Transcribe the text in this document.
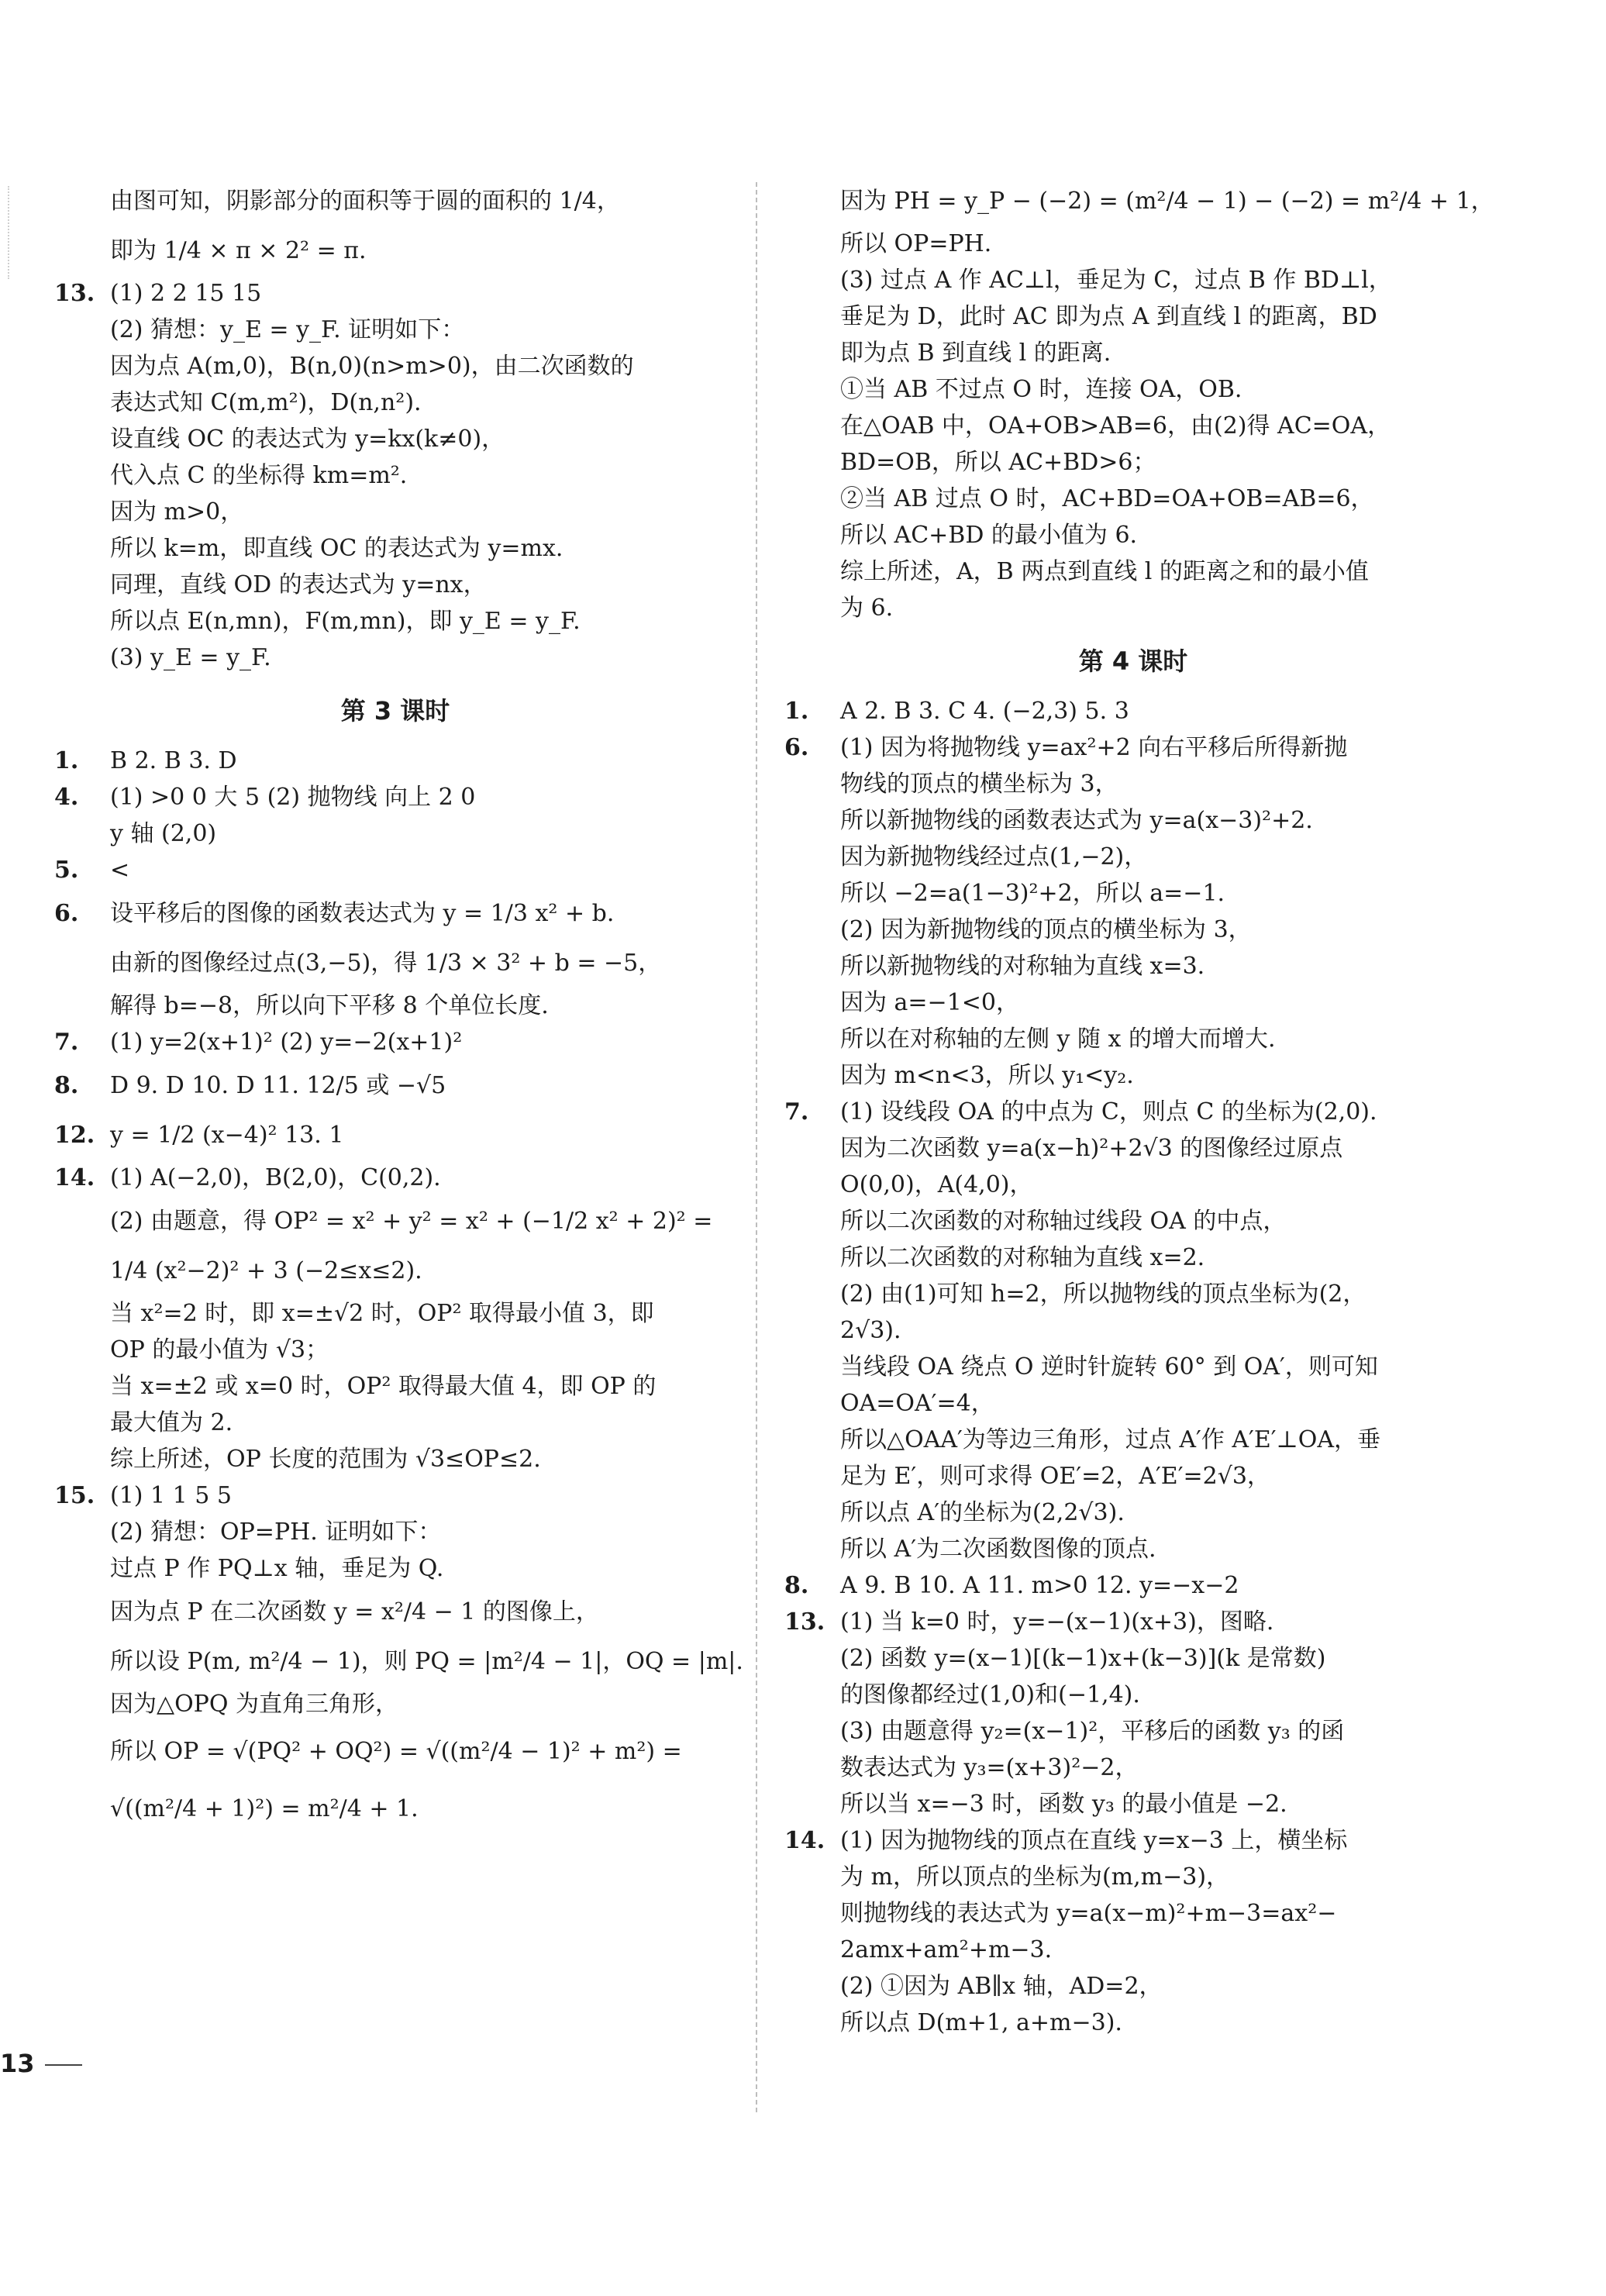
由图可知，阴影部分的面积等于圆的面积的 1/4，
即为 1/4 × π × 2² = π.
13. (1) 2 2 15 15
(2) 猜想：y_E = y_F. 证明如下：
因为点 A(m,0)，B(n,0)(n>m>0)，由二次函数的
表达式知 C(m,m²)，D(n,n²).
设直线 OC 的表达式为 y=kx(k≠0)，
代入点 C 的坐标得 km=m².
因为 m>0，
所以 k=m，即直线 OC 的表达式为 y=mx.
同理，直线 OD 的表达式为 y=nx，
所以点 E(n,mn)，F(m,mn)，即 y_E = y_F.
(3) y_E = y_F.
第 3 课时
1. B 2. B 3. D
4. (1) >0 0 大 5 (2) 抛物线 向上 2 0
y 轴 (2,0)
5. <
6. 设平移后的图像的函数表达式为 y = 1/3 x² + b.
由新的图像经过点(3,−5)，得 1/3 × 3² + b = −5，
解得 b=−8，所以向下平移 8 个单位长度.
7. (1) y=2(x+1)² (2) y=−2(x+1)²
8. D 9. D 10. D 11. 12/5 或 −√5
12. y = 1/2 (x−4)² 13. 1
14. (1) A(−2,0)，B(2,0)，C(0,2).
(2) 由题意，得 OP² = x² + y² = x² + (−1/2 x² + 2)² =
1/4 (x²−2)² + 3 (−2≤x≤2).
当 x²=2 时，即 x=±√2 时，OP² 取得最小值 3，即
OP 的最小值为 √3；
当 x=±2 或 x=0 时，OP² 取得最大值 4，即 OP 的
最大值为 2.
综上所述，OP 长度的范围为 √3≤OP≤2.
15. (1) 1 1 5 5
(2) 猜想：OP=PH. 证明如下：
过点 P 作 PQ⊥x 轴，垂足为 Q.
因为点 P 在二次函数 y = x²/4 − 1 的图像上，
所以设 P(m, m²/4 − 1)，则 PQ = |m²/4 − 1|，OQ = |m|.
因为△OPQ 为直角三角形，
所以 OP = √(PQ² + OQ²) = √((m²/4 − 1)² + m²) =
√((m²/4 + 1)²) = m²/4 + 1.
因为 PH = y_P − (−2) = (m²/4 − 1) − (−2) = m²/4 + 1，
所以 OP=PH.
(3) 过点 A 作 AC⊥l，垂足为 C，过点 B 作 BD⊥l，
垂足为 D，此时 AC 即为点 A 到直线 l 的距离，BD
即为点 B 到直线 l 的距离.
①当 AB 不过点 O 时，连接 OA，OB.
在△OAB 中，OA+OB>AB=6，由(2)得 AC=OA，
BD=OB，所以 AC+BD>6；
②当 AB 过点 O 时，AC+BD=OA+OB=AB=6，
所以 AC+BD 的最小值为 6.
综上所述，A，B 两点到直线 l 的距离之和的最小值
为 6.
第 4 课时
1. A 2. B 3. C 4. (−2,3) 5. 3
6. (1) 因为将抛物线 y=ax²+2 向右平移后所得新抛
物线的顶点的横坐标为 3，
所以新抛物线的函数表达式为 y=a(x−3)²+2.
因为新抛物线经过点(1,−2)，
所以 −2=a(1−3)²+2，所以 a=−1.
(2) 因为新抛物线的顶点的横坐标为 3，
所以新抛物线的对称轴为直线 x=3.
因为 a=−1<0，
所以在对称轴的左侧 y 随 x 的增大而增大.
因为 m<n<3，所以 y₁<y₂.
7. (1) 设线段 OA 的中点为 C，则点 C 的坐标为(2,0).
因为二次函数 y=a(x−h)²+2√3 的图像经过原点
O(0,0)，A(4,0)，
所以二次函数的对称轴过线段 OA 的中点，
所以二次函数的对称轴为直线 x=2.
(2) 由(1)可知 h=2，所以抛物线的顶点坐标为(2，
2√3).
当线段 OA 绕点 O 逆时针旋转 60° 到 OA′，则可知
OA=OA′=4，
所以△OAA′为等边三角形，过点 A′作 A′E′⊥OA，垂
足为 E′，则可求得 OE′=2，A′E′=2√3，
所以点 A′的坐标为(2,2√3).
所以 A′为二次函数图像的顶点.
8. A 9. B 10. A 11. m>0 12. y=−x−2
13. (1) 当 k=0 时，y=−(x−1)(x+3)，图略.
(2) 函数 y=(x−1)[(k−1)x+(k−3)](k 是常数)
的图像都经过(1,0)和(−1,4).
(3) 由题意得 y₂=(x−1)²，平移后的函数 y₃ 的函
数表达式为 y₃=(x+3)²−2，
所以当 x=−3 时，函数 y₃ 的最小值是 −2.
14. (1) 因为抛物线的顶点在直线 y=x−3 上，横坐标
为 m，所以顶点的坐标为(m,m−3)，
则抛物线的表达式为 y=a(x−m)²+m−3=ax²−
2amx+am²+m−3.
(2) ①因为 AB∥x 轴，AD=2，
所以点 D(m+1, a+m−3).
13
